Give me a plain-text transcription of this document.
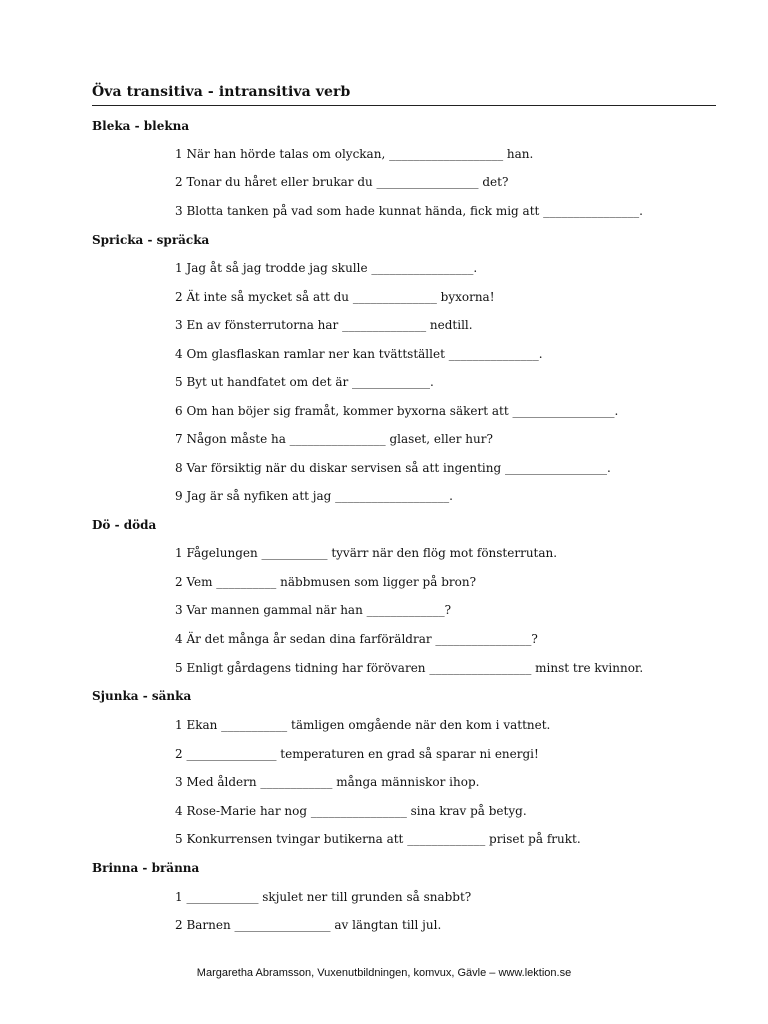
Öva transitiva - intransitiva verb
Bleka - blekna
1 När han hörde talas om olyckan, ___________________ han.
2 Tonar du håret eller brukar du _________________ det?
3 Blotta tanken på vad som hade kunnat hända, fick mig att ________________.
Spricka - spräcka
1 Jag åt så jag trodde jag skulle _________________.
2 Ät inte så mycket så att du ______________ byxorna!
3 En av fönsterrutorna har ______________ nedtill.
4 Om glasflaskan ramlar ner kan tvättstället _______________.
5 Byt ut handfatet om det är _____________.
6 Om han böjer sig framåt, kommer byxorna säkert att _________________.
7 Någon måste ha ________________ glaset, eller hur?
8 Var försiktig när du diskar servisen så att ingenting _________________.
9 Jag är så nyfiken att jag ___________________.
Dö - döda
1 Fågelungen ___________ tyvärr när den flög mot fönsterrutan.
2 Vem __________ näbbmusen som ligger på bron?
3 Var mannen gammal när han _____________?
4 Är det många år sedan dina farföräldrar ________________?
5 Enligt gårdagens tidning har förövaren _________________ minst tre kvinnor.
Sjunka - sänka
1 Ekan ___________ tämligen omgående när den kom i vattnet.
2 _______________ temperaturen en grad så sparar ni energi!
3 Med åldern ____________ många människor ihop.
4 Rose-Marie har nog ________________ sina krav på betyg.
5 Konkurrensen tvingar butikerna att _____________ priset på frukt.
Brinna - bränna
1 ____________ skjulet ner till grunden så snabbt?
2 Barnen ________________ av längtan till jul.
Margaretha Abramsson, Vuxenutbildningen, komvux, Gävle – www.lektion.se
